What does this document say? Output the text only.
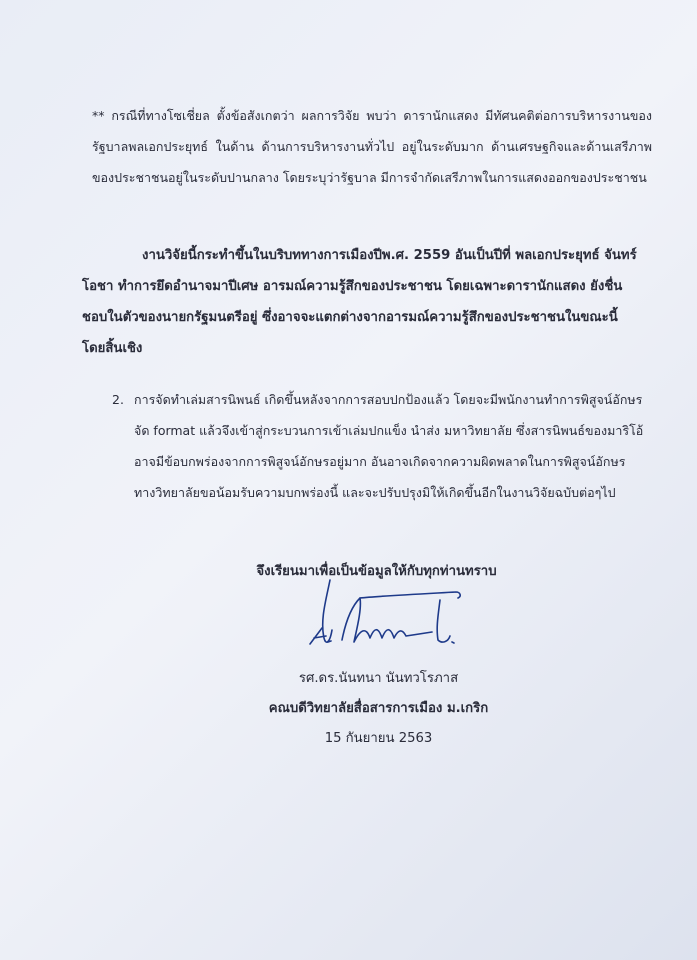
** กรณีที่ทางโซเชี่ยล ตั้งข้อสังเกตว่า ผลการวิจัย พบว่า ดารานักแสดง มีทัศนคติต่อการบริหารงานของรัฐบาลพลเอกประยุทธ์ ในด้าน ด้านการบริหารงานทั่วไป อยู่ในระดับมาก ด้านเศรษฐกิจและด้านเสรีภาพของประชาชนอยู่ในระดับปานกลาง โดยระบุว่ารัฐบาล มีการจำกัดเสรีภาพในการแสดงออกของประชาชน

งานวิจัยนี้กระทำขึ้นในบริบททางการเมืองปีพ.ศ. 2559 อันเป็นปีที่ พลเอกประยุทธ์ จันทร์โอชา ทำการยึดอำนาจมาปีเศษ อารมณ์ความรู้สึกของประชาชน โดยเฉพาะดารานักแสดง ยังชื่นชอบในตัวของนายกรัฐมนตรีอยู่ ซึ่งอาจจะแตกต่างจากอารมณ์ความรู้สึกของประชาชนในขณะนี้ โดยสิ้นเชิง
2. การจัดทำเล่มสารนิพนธ์ เกิดขึ้นหลังจากการสอบปกป้องแล้ว โดยจะมีพนักงานทำการพิสูจน์อักษร จัด format แล้วจึงเข้าสู่กระบวนการเข้าเล่มปกแข็ง นำส่ง มหาวิทยาลัย ซึ่งสารนิพนธ์ของมาริโอ้ อาจมีข้อบกพร่องจากการพิสูจน์อักษรอยู่มาก อันอาจเกิดจากความผิดพลาดในการพิสูจน์อักษร ทางวิทยาลัยขอน้อมรับความบกพร่องนี้ และจะปรับปรุงมิให้เกิดขึ้นอีกในงานวิจัยฉบับต่อๆไป
จึงเรียนมาเพื่อเป็นข้อมูลให้กับทุกท่านทราบ
รศ.ดร.นันทนา นันทวโรภาส
คณบดีวิทยาลัยสื่อสารการเมือง ม.เกริก
15 กันยายน 2563
